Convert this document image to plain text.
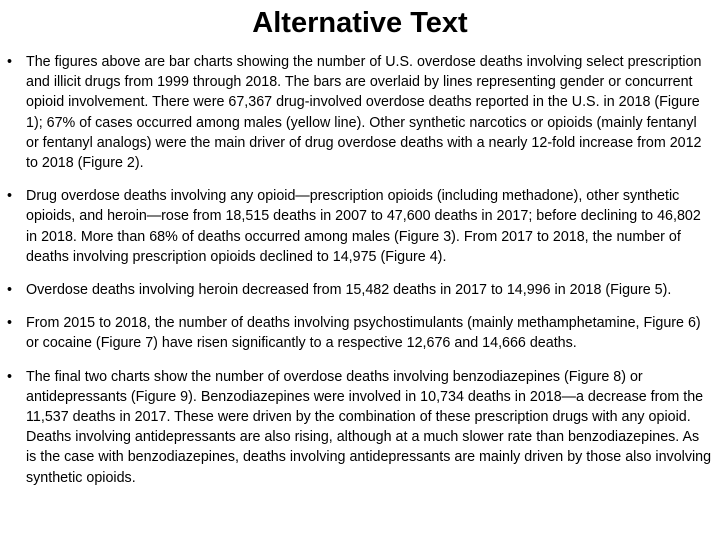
Alternative Text
• The figures above are bar charts showing the number of U.S. overdose deaths involving select prescription and illicit drugs from 1999 through 2018. The bars are overlaid by lines representing gender or concurrent opioid involvement. There were 67,367 drug-involved overdose deaths reported in the U.S. in 2018 (Figure 1); 67% of cases occurred among males (yellow line). Other synthetic narcotics or opioids (mainly fentanyl or fentanyl analogs) were the main driver of drug overdose deaths with a nearly 12-fold increase from 2012 to 2018 (Figure 2).
• Drug overdose deaths involving any opioid—prescription opioids (including methadone), other synthetic opioids, and heroin—rose from 18,515 deaths in 2007 to 47,600 deaths in 2017; before declining to 46,802 in 2018. More than 68% of deaths occurred among males (Figure 3). From 2017 to 2018, the number of deaths involving prescription opioids declined to 14,975 (Figure 4).
• Overdose deaths involving heroin decreased from 15,482 deaths in 2017 to 14,996 in 2018 (Figure 5).
• From 2015 to 2018, the number of deaths involving psychostimulants (mainly methamphetamine, Figure 6) or cocaine (Figure 7) have risen significantly to a respective 12,676 and 14,666 deaths.
• The final two charts show the number of overdose deaths involving benzodiazepines (Figure 8) or antidepressants (Figure 9). Benzodiazepines were involved in 10,734 deaths in 2018—a decrease from the 11,537 deaths in 2017. These were driven by the combination of these prescription drugs with any opioid. Deaths involving antidepressants are also rising, although at a much slower rate than benzodiazepines. As is the case with benzodiazepines, deaths involving antidepressants are mainly driven by those also involving synthetic opioids.
